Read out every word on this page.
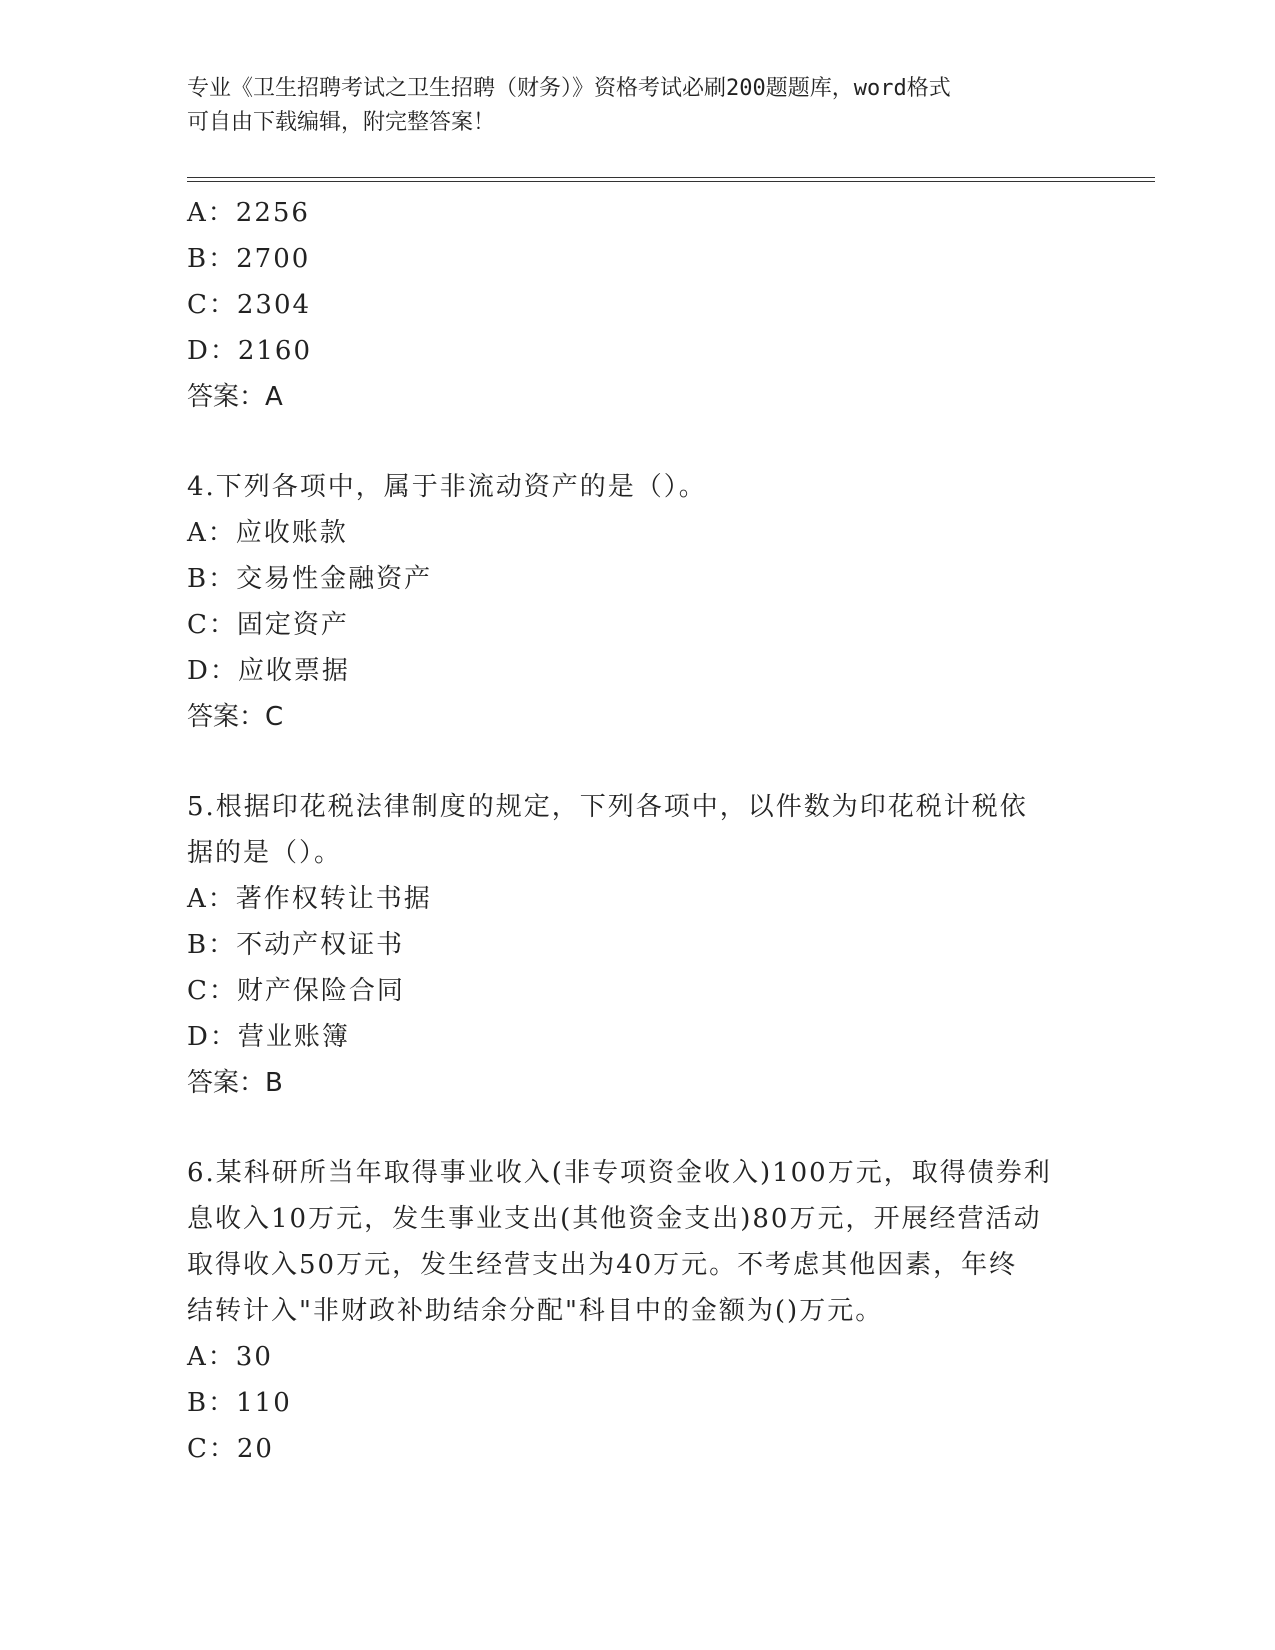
专业《卫生招聘考试之卫生招聘（财务）》资格考试必刷200题题库，word格式
可自由下载编辑，附完整答案！
A：2256
B：2700
C：2304
D：2160
答案：A
4.下列各项中，属于非流动资产的是（）。
A：应收账款
B：交易性金融资产
C：固定资产
D：应收票据
答案：C
5.根据印花税法律制度的规定，下列各项中，以件数为印花税计税依
据的是（）。
A：著作权转让书据
B：不动产权证书
C：财产保险合同
D：营业账簿
答案：B
6.某科研所当年取得事业收入(非专项资金收入)100万元，取得债券利
息收入10万元，发生事业支出(其他资金支出)80万元，开展经营活动
取得收入50万元，发生经营支出为40万元。不考虑其他因素，年终
结转计入"非财政补助结余分配"科目中的金额为()万元。
A：30
B：110
C：20
